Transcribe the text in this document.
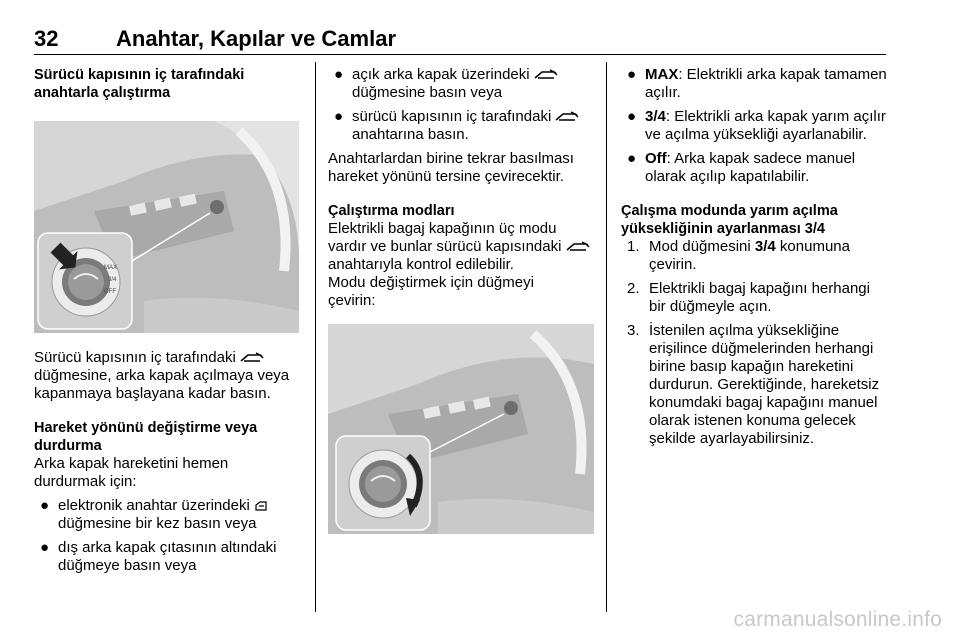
32	Anahtar, Kapılar ve Camlar
Sürücü kapısının iç tarafındaki anahtarla çalıştırma
MAX
3/4
OFF

Sürücü kapısının iç tarafındaki  düğmesine, arka kapak açılmaya veya kapanmaya başlayana kadar basın.

Hareket yönünü değiştirme veya durdurma

Arka kapak hareketini hemen durdurmak için:

● elektronik anahtar üzerindeki  düğmesine bir kez basın veya
● dış arka kapak çıtasının altındaki düğmeye basın veya
● açık arka kapak üzerindeki  düğmesine basın veya
● sürücü kapısının iç tarafındaki  anahtarına basın.

Anahtarlardan birine tekrar basılması hareket yönünü tersine çevirecektir.

Çalıştırma modları

Elektrikli bagaj kapağının üç modu vardır ve bunlar sürücü kapısındaki  anahtarıyla kontrol edilebilir.

Modu değiştirmek için düğmeyi çevirin:

● MAX: Elektrikli arka kapak tamamen açılır.
● 3/4: Elektrikli arka kapak yarım açılır ve açılma yüksekliği ayarlanabilir.
● Off: Arka kapak sadece manuel olarak açılıp kapatılabilir.
Çalışma modunda yarım açılma yüksekliğinin ayarlanması 3/4
1. Mod düğmesini 3/4 konumuna çevirin.
2. Elektrikli bagaj kapağını herhangi bir düğmeyle açın.
3. İstenilen açılma yüksekliğine erişilince düğmelerinden herhangi birine basıp kapağın hareketini durdurun. Gerektiğinde, hareketsiz konumdaki bagaj kapağını manuel olarak istenen konuma gelecek şekilde ayarlayabilirsiniz.
carmanualsonline.info
